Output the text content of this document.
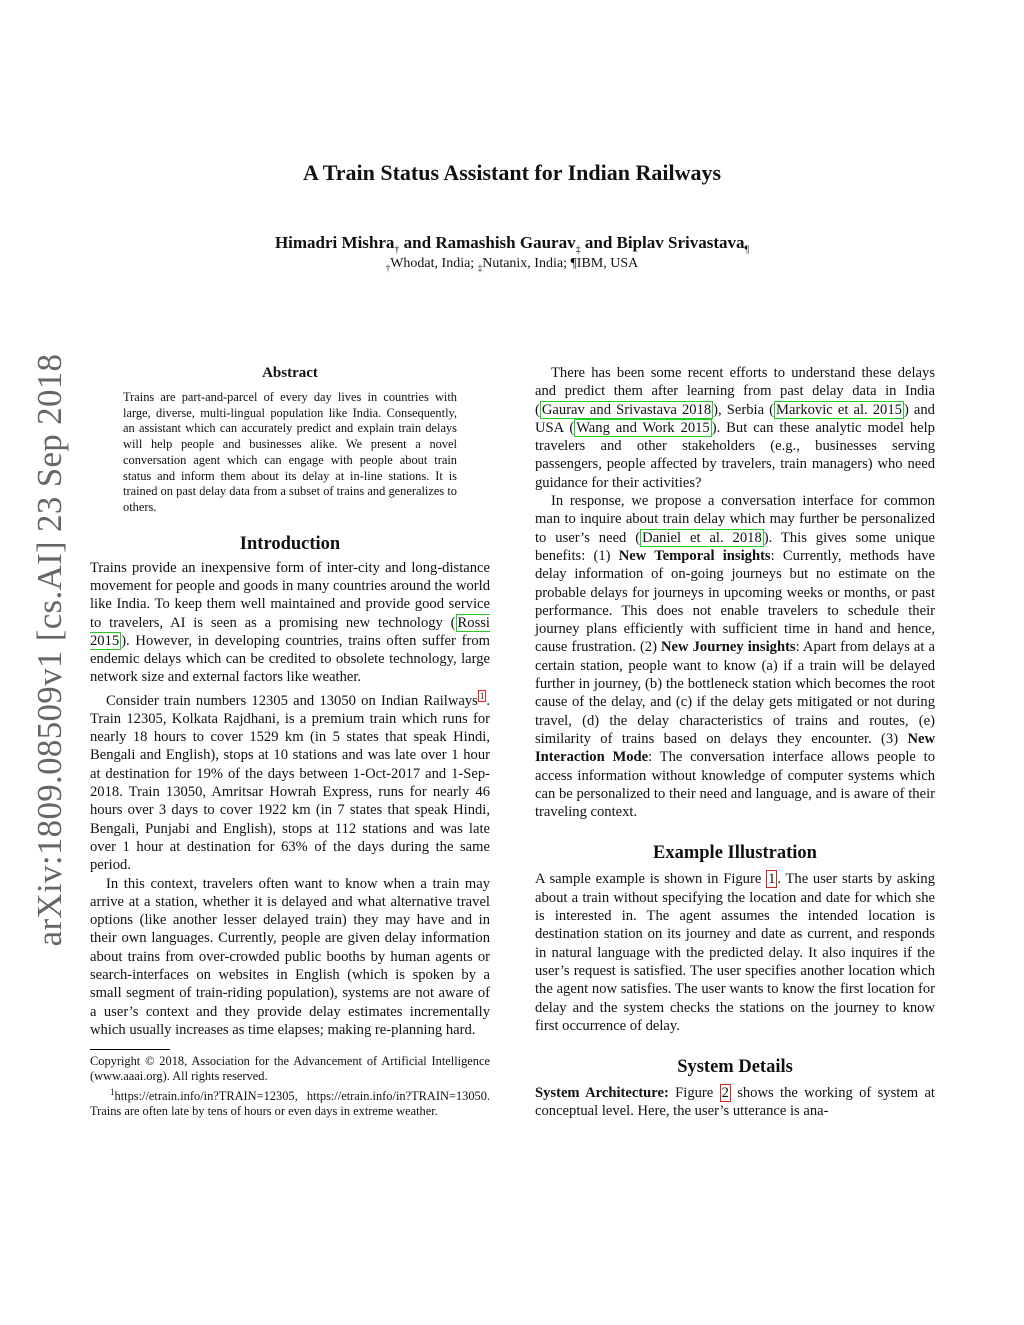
arXiv:1809.08509v1 [cs.AI] 23 Sep 2018
A Train Status Assistant for Indian Railways
Himadri Mishra$_\dagger$ and Ramashish Gaurav$_\ddagger$ and Biplav Srivastava$_\P$
$_\dagger$Whodat, India; $_\ddagger$Nutanix, India; ¶IBM, USA
Abstract
Trains are part-and-parcel of every day lives in countries with large, diverse, multi-lingual population like India. Consequently, an assistant which can accurately predict and explain train delays will help people and businesses alike. We present a novel conversation agent which can engage with people about train status and inform them about its delay at in-line stations. It is trained on past delay data from a subset of trains and generalizes to others.
Introduction

Trains provide an inexpensive form of inter-city and long-distance movement for people and goods in many countries around the world like India. To keep them well maintained and provide good service to travelers, AI is seen as a promising new technology ( Rossi 2015 ). However, in developing countries, trains often suffer from endemic delays which can be credited to obsolete technology, large network size and external factors like weather.

Consider train numbers 12305 and 13050 on Indian Railways $^1$ . Train 12305, Kolkata Rajdhani, is a premium train which runs for nearly 18 hours to cover 1529 km (in 5 states that speak Hindi, Bengali and English), stops at 10 stations and was late over 1 hour at destination for 19% of the days between 1-Oct-2017 and 1-Sep-2018. Train 13050, Amritsar Howrah Express, runs for nearly 46 hours over 3 days to cover 1922 km (in 7 states that speak Hindi, Bengali, Punjabi and English), stops at 112 stations and was late over 1 hour at destination for 63% of the days during the same period.

In this context, travelers often want to know when a train may arrive at a station, whether it is delayed and what alternative travel options (like another lesser delayed train) they may have and in their own languages. Currently, people are given delay information about trains from over-crowded public booths by human agents or search-interfaces on websites in English (which is spoken by a small segment of train-riding population), systems are not aware of a user’s context and they provide delay estimates incrementally which usually increases as time elapses; making re-planning hard.

Copyright © 2018, Association for the Advancement of Artificial Intelligence (www.aaai.org). All rights reserved.

$^1$https://etrain.info/in?TRAIN=12305, https://etrain.info/in?TRAIN=13050. Trains are often late by tens of hours or even days in extreme weather.

There has been some recent efforts to understand these delays and predict them after learning from past delay data in India ( Gaurav and Srivastava 2018 ), Serbia ( Markovic et al. 2015 ) and USA ( Wang and Work 2015 ). But can these analytic model help travelers and other stakeholders (e.g., businesses serving passengers, people affected by travelers, train managers) who need guidance for their activities?

In response, we propose a conversation interface for common man to inquire about train delay which may further be personalized to user’s need ( Daniel et al. 2018 ). This gives some unique benefits: (1) New Temporal insights: Currently, methods have delay information of on-going journeys but no estimate on the probable delays for journeys in upcoming weeks or months, or past performance. This does not enable travelers to schedule their journey plans efficiently with sufficient time in hand and hence, cause frustration. (2) New Journey insights: Apart from delays at a certain station, people want to know (a) if a train will be delayed further in journey, (b) the bottleneck station which becomes the root cause of the delay, and (c) if the delay gets mitigated or not during travel, (d) the delay characteristics of trains and routes, (e) similarity of trains based on delays they encounter. (3) New Interaction Mode: The conversation interface allows people to access information without knowledge of computer systems which can be personalized to their need and language, and is aware of their traveling context.

Example Illustration

A sample example is shown in Figure 1 . The user starts by asking about a train without specifying the location and date for which she is interested in. The agent assumes the intended location is destination station on its journey and date as current, and responds in natural language with the predicted delay. It also inquires if the user’s request is satisfied. The user specifies another location which the agent now satisfies. The user wants to know the first location for delay and the system checks the stations on the journey to know first occurrence of delay.

System Details

System Architecture: Figure 2 shows the working of system at conceptual level. Here, the user’s utterance is ana-
